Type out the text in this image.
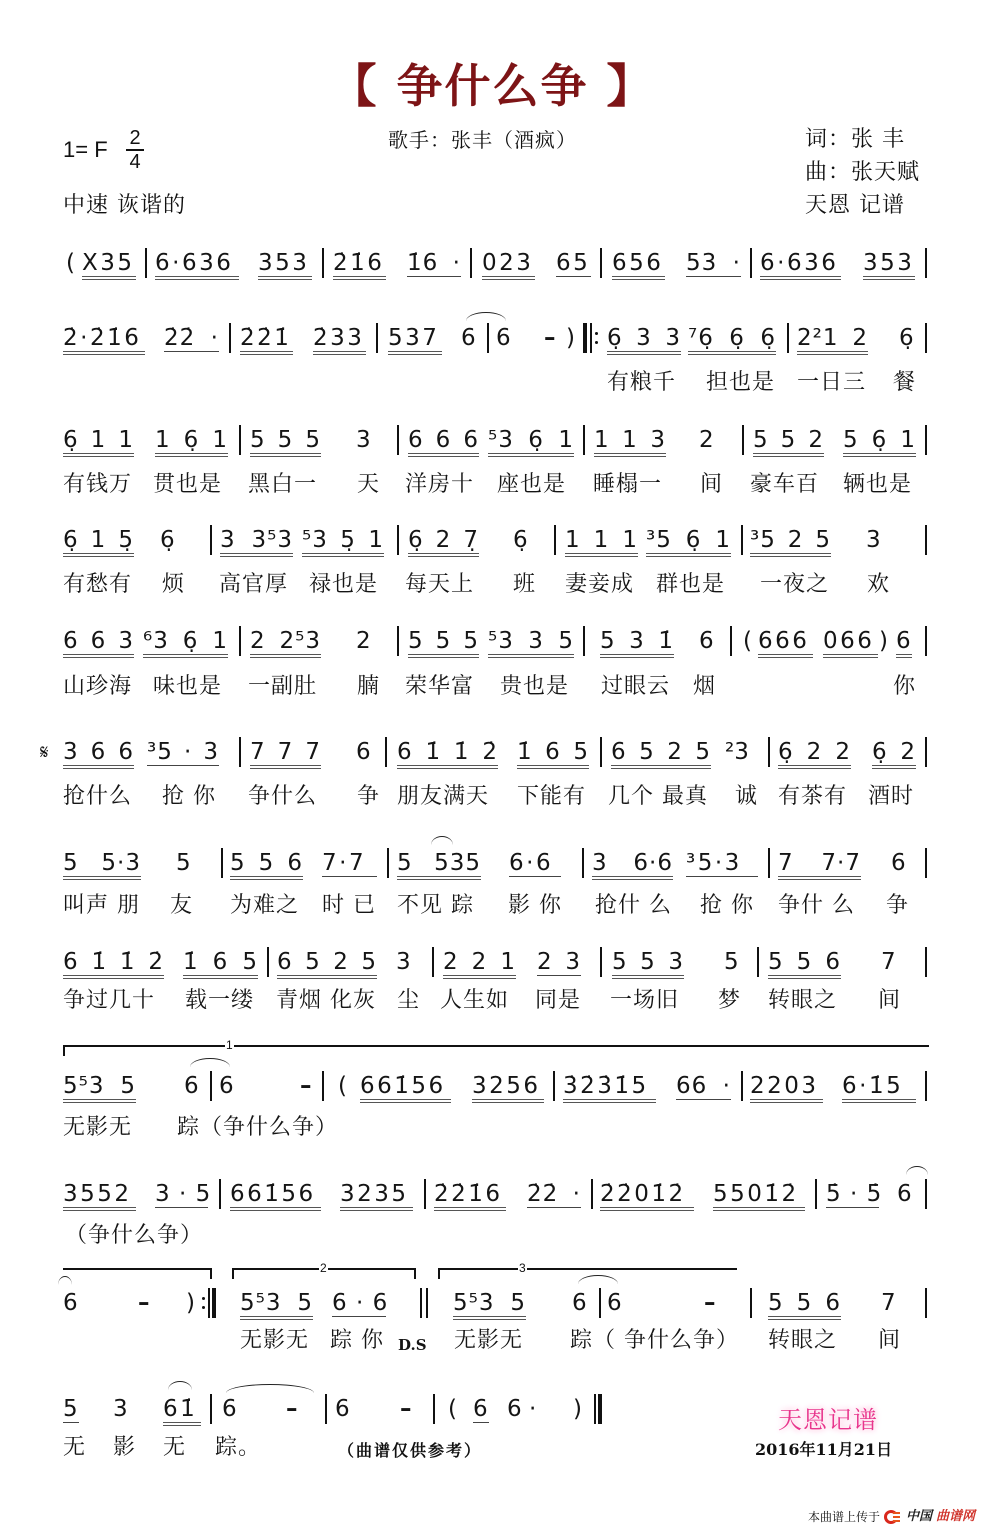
【 争什么争 】
1= F 2
4
歌手：张丰（酒疯）	词：张 丰
曲：张天赋
天恩 记谱
中速 诙谐的
( X35 6·636 353 2̇1̇6 1̇6 · 023 65 656 53 · 6·636 353
2̇·2̇1̇6 2̇2̇ · 2̇2̇1̇ 2̇33 537 6 6 – ) 6̣ 3 3 ⁷6̣ 6̣ 6̣ 2²1 2 6̣
有粮千 担也是 一日三 餐
6̣ 1 1 1 6̣ 1 5 5 5 3 6 6 6 ⁵3 6̣ 1 1 1 3 2 5 5 2 5 6̣ 1
有钱万 贯也是 黑白一 天 洋房十 座也是 睡榻一 间 豪车百 辆也是
6̣ 1 5̣ 6̣ 3 3⁵3 ⁵3 5̣ 1 6̣ 2 7̣ 6̣ 1 1 1 ³5 6̣ 1 ³5 2 5 3
有愁有 烦 高官厚 禄也是 每天上 班 妻妾成 群也是 一夜之 欢
6 6 3 ⁶3 6̣ 1 2 2⁵3 2 5 5 5 ⁵3 3 5 5 3 1̇ 6 ( 666 066 ) 6
山珍海 味也是 一副肚 腩 荣华富 贵也是 过眼云 烟	你
𝄋 3 6 6 ³5 · 3 7 7 7 6 6 1̇ 1̇ 2̇ 1̇ 6 5 6 5 2 5 ²3 6̣ 2 2 6̣ 2
抢什么 抢 你 争什么 争 朋友满天 下能有 几个 最真 诚 有茶有 酒时
5 5·3 5 5 5 6 7·7	5 535 6·6	3 6·6 ³5·3	7 7·7 6
叫声 朋 友 为难之 时 已 不见 踪 影 你 抢什 么 抢 你 争什 么 争
6 1̇ 1̇ 2̇ 1̇ 6 5 6 5 2 5 3 2 2 1 2 3 5 5 3 5 5 5 6 7
争过几十 载一缕 青烟 化灰 尘 人生如 同是 一场旧 梦 转眼之 间
5⁵3 5 6 6	– ( 661̇56 3256 3̇2̇3̇1̇5	66 · 2203 6·1̇5
无影无 踪（争什么争）
3552 3 · 5 661̇56 3235 2̇2̇1̇6 2̇2̇ · 2̇2̇01̇2̇	5501̇2̇ 5̇ · 5̇ 6
（争什么争）
6	– ) 5⁵3 5 6 · 6	5⁵3 5 6 6	– 5 5 6 7
无影无 踪 你 D.S 无影无 踪（ 争什么争） 转眼之 间
5 3 61̇ 6 – 6 – ( 6 6 · )
无 影 无 踪。
1
2	3
（曲谱仅供参考）
天恩记谱
2016年11月21日
本曲谱上传于 中国 曲谱网
